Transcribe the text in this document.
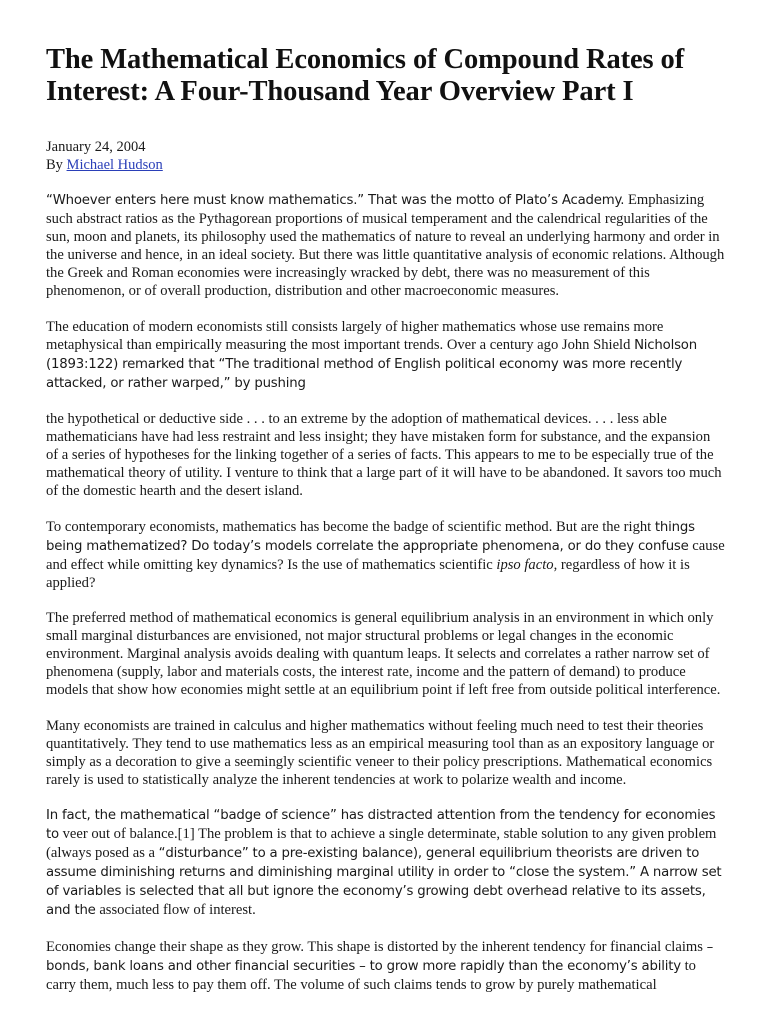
The Mathematical Economics of Compound Rates of Interest: A Four-Thousand Year Overview Part I
January 24, 2004
By Michael Hudson

“Whoever enters here must know mathematics.” That was the motto of Plato’s Academy. Emphasizing such abstract ratios as the Pythagorean proportions of musical temperament and the calendrical regularities of the sun, moon and planets, its philosophy used the mathematics of nature to reveal an underlying harmony and order in the universe and hence, in an ideal society. But there was little quantitative analysis of economic relations. Although the Greek and Roman economies were increasingly wracked by debt, there was no measurement of this phenomenon, or of overall production, distribution and other macroeconomic measures.

The education of modern economists still consists largely of higher mathematics whose use remains more metaphysical than empirically measuring the most important trends. Over a century ago John Shield Nicholson (1893:122) remarked that “The traditional method of English political economy was more recently attacked, or rather warped,” by pushing

the hypothetical or deductive side . . . to an extreme by the adoption of mathematical devices. . . . less able mathematicians have had less restraint and less insight; they have mistaken form for substance, and the expansion of a series of hypotheses for the linking together of a series of facts. This appears to me to be especially true of the mathematical theory of utility. I venture to think that a large part of it will have to be abandoned. It savors too much of the domestic hearth and the desert island.

To contemporary economists, mathematics has become the badge of scientific method. But are the right things being mathematized? Do today’s models correlate the appropriate phenomena, or do they confuse cause and effect while omitting key dynamics? Is the use of mathematics scientific ipso facto, regardless of how it is applied?

The preferred method of mathematical economics is general equilibrium analysis in an environment in which only small marginal disturbances are envisioned, not major structural problems or legal changes in the economic environment. Marginal analysis avoids dealing with quantum leaps. It selects and correlates a rather narrow set of phenomena (supply, labor and materials costs, the interest rate, income and the pattern of demand) to produce models that show how economies might settle at an equilibrium point if left free from outside political interference.

Many economists are trained in calculus and higher mathematics without feeling much need to test their theories quantitatively. They tend to use mathematics less as an empirical measuring tool than as an expository language or simply as a decoration to give a seemingly scientific veneer to their policy prescriptions. Mathematical economics rarely is used to statistically analyze the inherent tendencies at work to polarize wealth and income.

In fact, the mathematical “badge of science” has distracted attention from the tendency for economies to veer out of balance.[1] The problem is that to achieve a single determinate, stable solution to any given problem (always posed as a “disturbance” to a pre-existing balance), general equilibrium theorists are driven to assume diminishing returns and diminishing marginal utility in order to “close the system.” A narrow set of variables is selected that all but ignore the economy’s growing debt overhead relative to its assets, and the associated flow of interest.

Economies change their shape as they grow. This shape is distorted by the inherent tendency for financial claims – bonds, bank loans and other financial securities – to grow more rapidly than the economy’s ability to carry them, much less to pay them off. The volume of such claims tends to grow by purely mathematical
